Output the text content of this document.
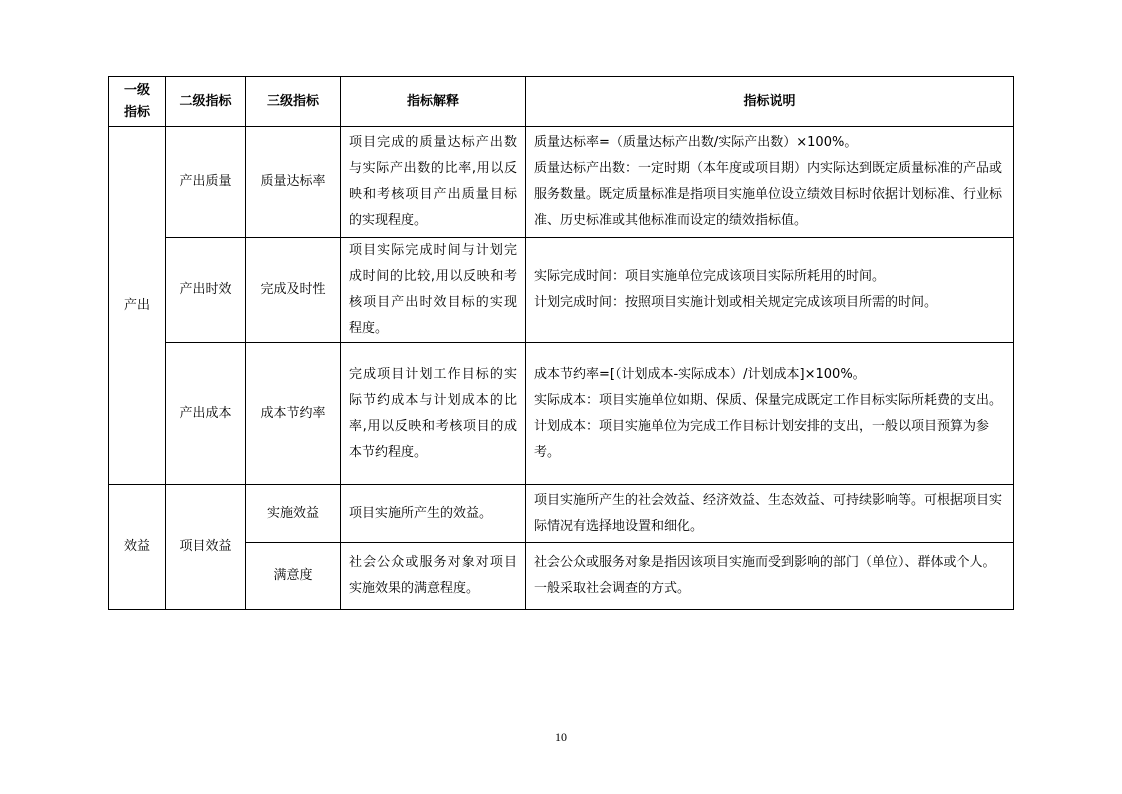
一级指标	二级指标	三级指标	指标解释	指标说明
产出	产出质量	质量达标率	项目完成的质量达标产出数与实际产出数的比率,用以反映和考核项目产出质量目标的实现程度。	质量达标率=（质量达标产出数/实际产出数）×100%。
质量达标产出数：一定时期（本年度或项目期）内实际达到既定质量标准的产品或服务数量。既定质量标准是指项目实施单位设立绩效目标时依据计划标准、行业标准、历史标准或其他标准而设定的绩效指标值。

	产出时效	完成及时性	项目实际完成时间与计划完成时间的比较,用以反映和考核项目产出时效目标的实现程度。	实际完成时间：项目实施单位完成该项目实际所耗用的时间。
计划完成时间：按照项目实施计划或相关规定完成该项目所需的时间。

	产出成本	成本节约率	完成项目计划工作目标的实际节约成本与计划成本的比率,用以反映和考核项目的成本节约程度。	成本节约率=[（计划成本-实际成本）/计划成本]×100%。
实际成本：项目实施单位如期、保质、保量完成既定工作目标实际所耗费的支出。
计划成本：项目实施单位为完成工作目标计划安排的支出，一般以项目预算为参考。

效益	项目效益	实施效益	项目实施所产生的效益。	项目实施所产生的社会效益、经济效益、生态效益、可持续影响等。可根据项目实际情况有选择地设置和细化。

		满意度	社会公众或服务对象对项目实施效果的满意程度。	社会公众或服务对象是指因该项目实施而受到影响的部门（单位）、群体或个人。一般采取社会调查的方式。
10
